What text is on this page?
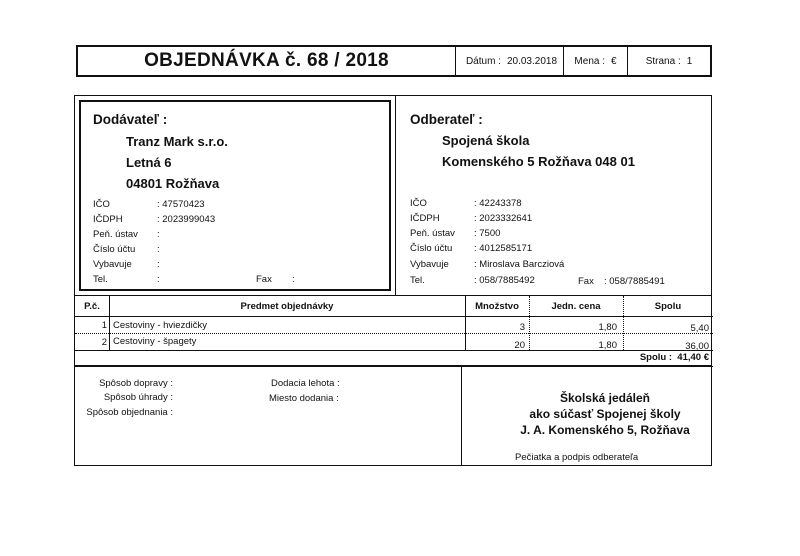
OBJEDNÁVKA č. 68 / 2018	Dátum : 20.03.2018 Mena : €	Strana : 1
Dodávateľ :
Tranz Mark s.r.o.
Letná 6
04801 Rožňava
IČO	: 47570423
IČDPH	: 2023999043
Peň. ústav :
Číslo účtu :
Vybavuje	:
Tel.	:	Fax :
Odberateľ :
Spojená škola
Komenského 5 Rožňava 048 01
IČO	: 42243378
IČDPH	: 2023332641
Peň. ústav : 7500
Číslo účtu : 4012585171
Vybavuje	: Miroslava Barcziová
Tel.	: 058/7885492	Fax : 058/7885491
P.č.	Predmet objednávky	Množstvo	Jedn. cena	Spolu
1 Cestoviny - hviezdičky	3	1,80	5,40
2 Cestoviny - špagety	20	1,80	36,00
Spolu : 41,40 €
Spôsob dopravy :
Spôsob úhrady :
Spôsob objednania :
Dodacia lehota :
Miesto dodania :	Školská jedáleň
ako súčasť Spojenej školy
J. A. Komenského 5, Rožňava
Pečiatka a podpis odberateľa
